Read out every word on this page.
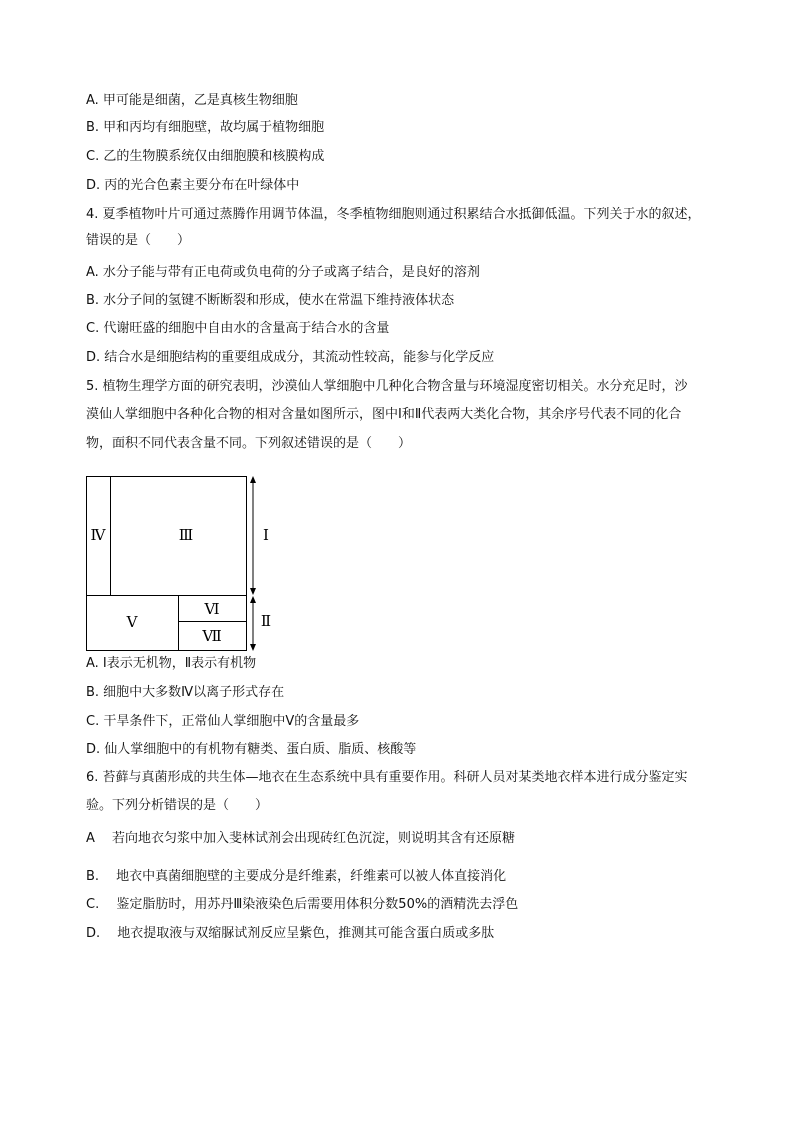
A. 甲可能是细菌，乙是真核生物细胞
B. 甲和丙均有细胞壁，故均属于植物细胞
C. 乙的生物膜系统仅由细胞膜和核膜构成
D. 丙的光合色素主要分布在叶绿体中
4. 夏季植物叶片可通过蒸腾作用调节体温，冬季植物细胞则通过积累结合水抵御低温。下列关于水的叙述，
错误的是（　　）
A. 水分子能与带有正电荷或负电荷的分子或离子结合，是良好的溶剂
B. 水分子间的氢键不断断裂和形成，使水在常温下维持液体状态
C. 代谢旺盛的细胞中自由水的含量高于结合水的含量
D. 结合水是细胞结构的重要组成成分，其流动性较高，能参与化学反应
5. 植物生理学方面的研究表明，沙漠仙人掌细胞中几种化合物含量与环境湿度密切相关。水分充足时，沙
漠仙人掌细胞中各种化合物的相对含量如图所示，图中Ⅰ和Ⅱ代表两大类化合物，其余序号代表不同的化合
物，面积不同代表含量不同。下列叙述错误的是（　　）
Ⅳ	Ⅲ
Ⅴ
Ⅵ
Ⅶ
Ⅰ
Ⅱ
A. Ⅰ表示无机物，Ⅱ表示有机物
B. 细胞中大多数Ⅳ以离子形式存在
C. 干旱条件下，正常仙人掌细胞中Ⅴ的含量最多
D. 仙人掌细胞中的有机物有糖类、蛋白质、脂质、核酸等
6. 苔藓与真菌形成的共生体—地衣在生态系统中具有重要作用。科研人员对某类地衣样本进行成分鉴定实
验。下列分析错误的是（　　）
A　 若向地衣匀浆中加入斐林试剂会出现砖红色沉淀，则说明其含有还原糖
B.　 地衣中真菌细胞壁的主要成分是纤维素，纤维素可以被人体直接消化
C.　 鉴定脂肪时，用苏丹Ⅲ染液染色后需要用体积分数50%的酒精洗去浮色
D.　 地衣提取液与双缩脲试剂反应呈紫色，推测其可能含蛋白质或多肽
